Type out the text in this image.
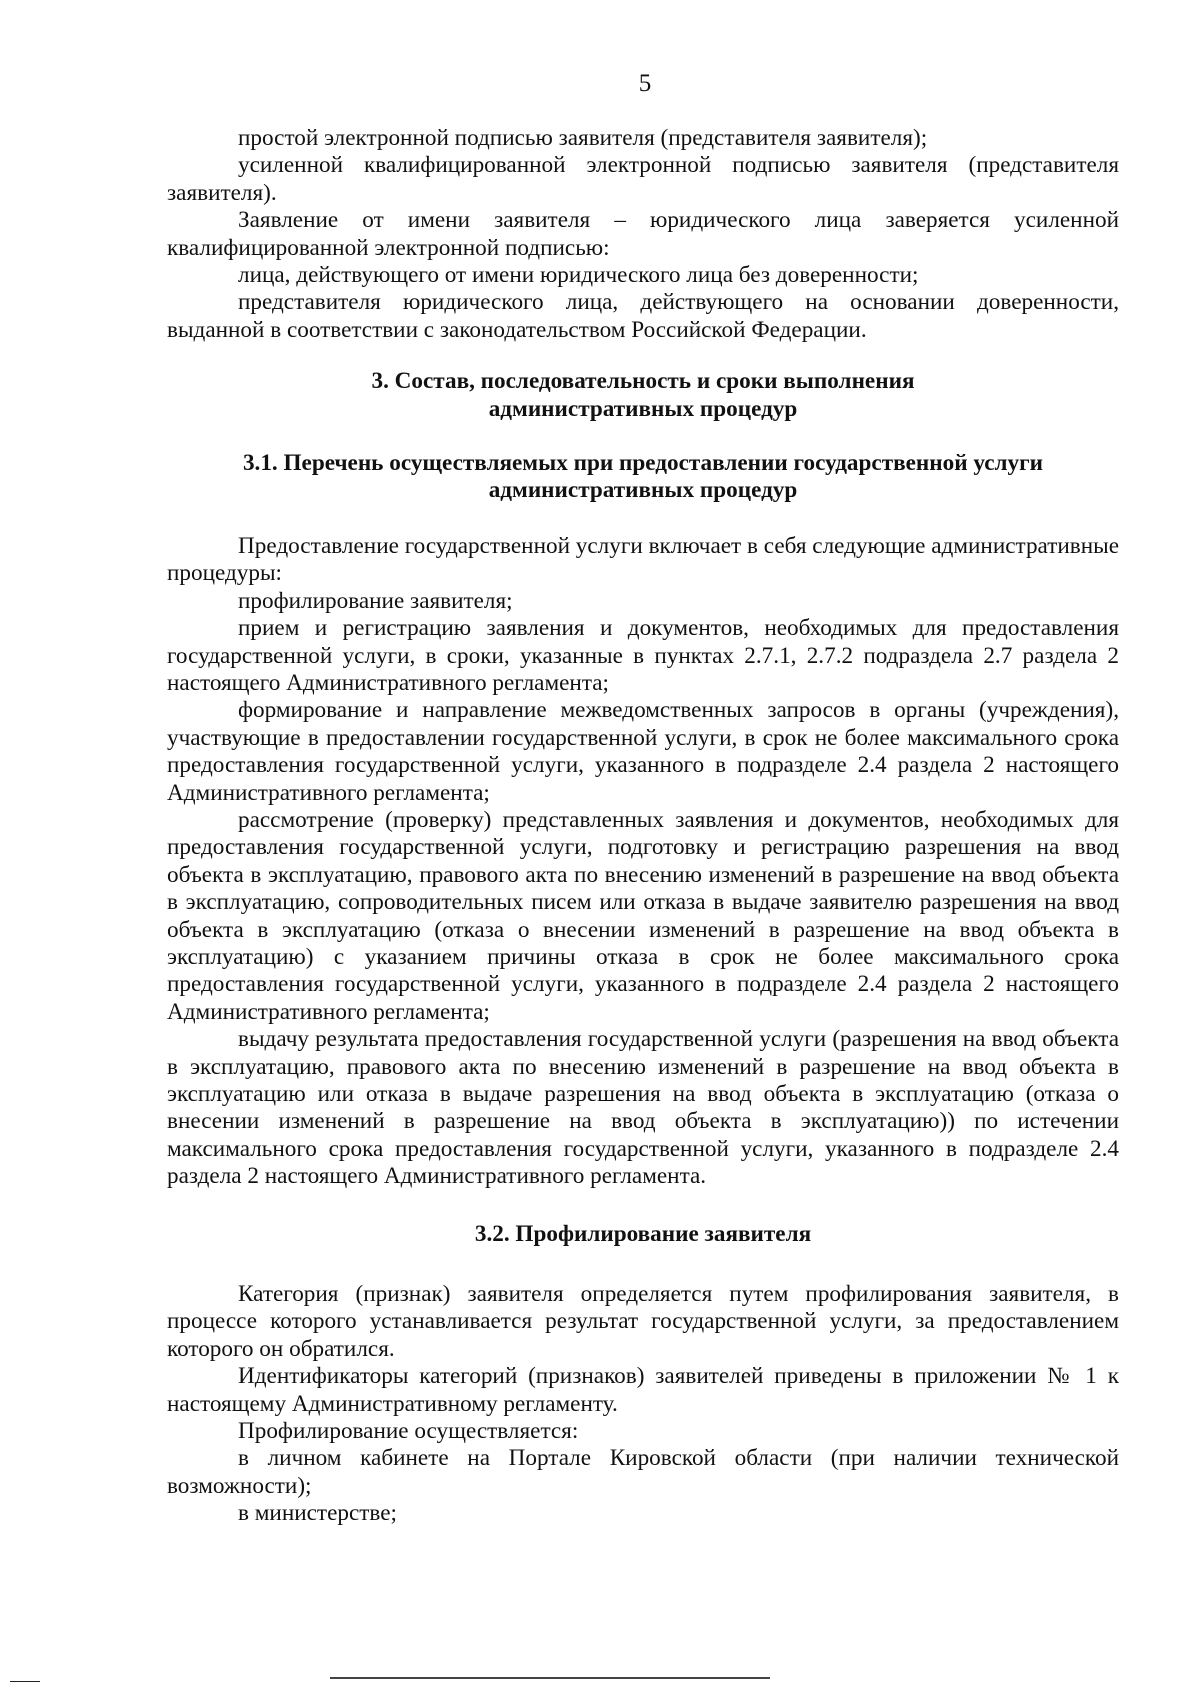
5

простой электронной подписью заявителя (представителя заявителя);

усиленной квалифицированной электронной подписью заявителя (представителя заявителя).

Заявление от имени заявителя – юридического лица заверяется усиленной квалифицированной электронной подписью:

лица, действующего от имени юридического лица без доверенности;

представителя юридического лица, действующего на основании доверенности, выданной в соответствии с законодательством Российской Федерации.

3. Состав, последовательность и сроки выполнения
административных процедур

3.1. Перечень осуществляемых при предоставлении государственной услуги
административных процедур

Предоставление государственной услуги включает в себя следующие административные процедуры:

профилирование заявителя;

прием и регистрацию заявления и документов, необходимых для предоставления государственной услуги, в сроки, указанные в пунктах 2.7.1, 2.7.2 подраздела 2.7 раздела 2 настоящего Административного регламента;

формирование и направление межведомственных запросов в органы (учреждения), участвующие в предоставлении государственной услуги, в срок не более максимального срока предоставления государственной услуги, указанного в подразделе 2.4 раздела 2 настоящего Административного регламента;

рассмотрение (проверку) представленных заявления и документов, необходимых для предоставления государственной услуги, подготовку и регистрацию разрешения на ввод объекта в эксплуатацию, правового акта по внесению изменений в разрешение на ввод объекта в эксплуатацию, сопроводительных писем или отказа в выдаче заявителю разрешения на ввод объекта в эксплуатацию (отказа о внесении изменений в разрешение на ввод объекта в эксплуатацию) с указанием причины отказа в срок не более максимального срока предоставления государственной услуги, указанного в подразделе 2.4 раздела 2 настоящего Административного регламента;

выдачу результата предоставления государственной услуги (разрешения на ввод объекта в эксплуатацию, правового акта по внесению изменений в разрешение на ввод объекта в эксплуатацию или отказа в выдаче разрешения на ввод объекта в эксплуатацию (отказа о внесении изменений в разрешение на ввод объекта в эксплуатацию)) по истечении максимального срока предоставления государственной услуги, указанного в подразделе 2.4 раздела 2 настоящего Административного регламента.

3.2. Профилирование заявителя

Категория (признак) заявителя определяется путем профилирования заявителя, в процессе которого устанавливается результат государственной услуги, за предоставлением которого он обратился.

Идентификаторы категорий (признаков) заявителей приведены в приложении № 1 к настоящему Административному регламенту.

Профилирование осуществляется:

в личном кабинете на Портале Кировской области (при наличии технической возможности);

в министерстве;
